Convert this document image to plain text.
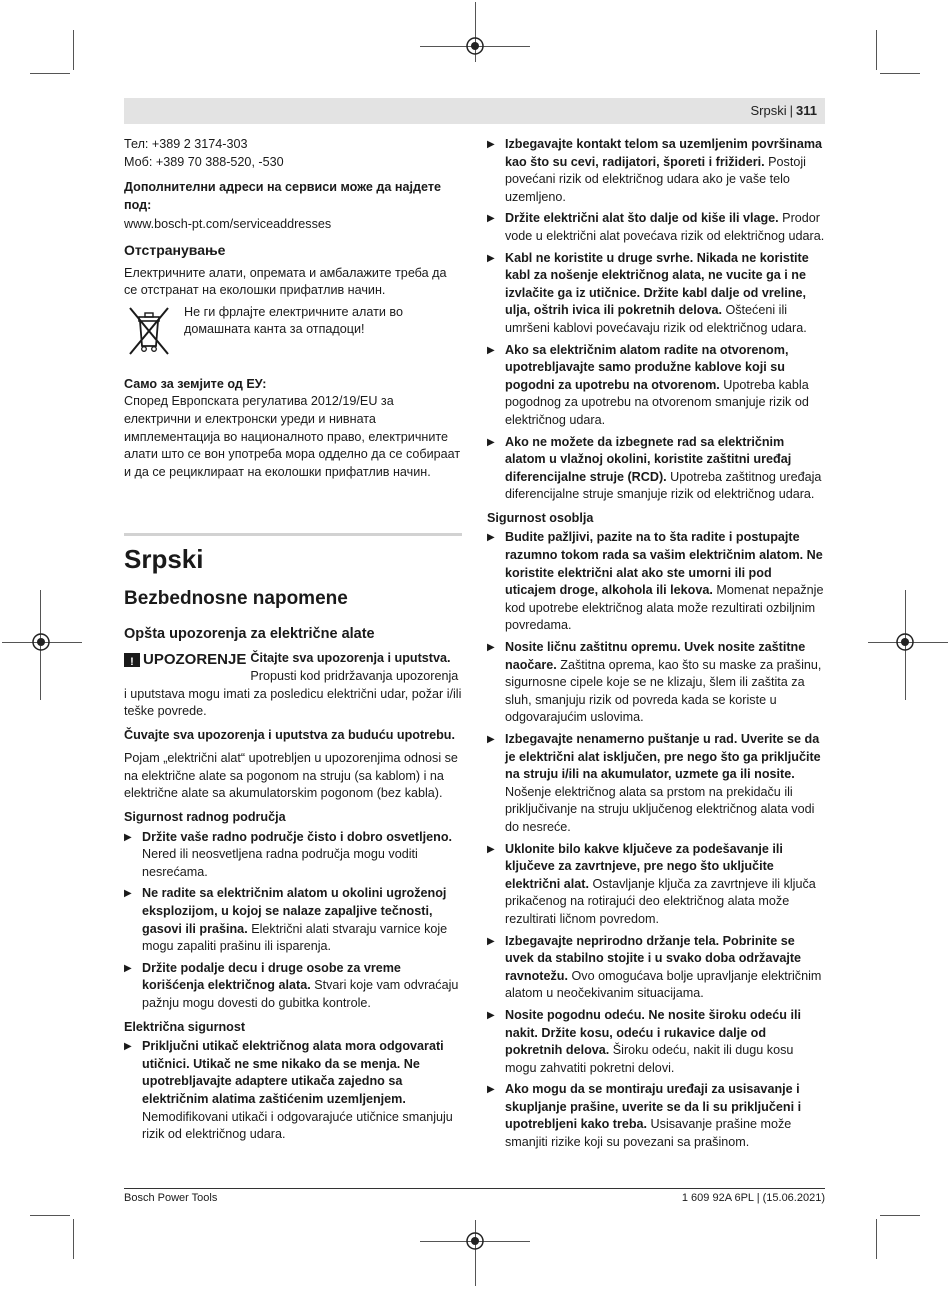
Srpski | 311

Тел: +389 2 3174-303

Моб: +389 70 388-520, -530

Дополнителни адреси на сервиси може да најдете под:

www.bosch-pt.com/serviceaddresses

Отстранување

Електричните алати, опремата и амбалажите треба да се отстранат на еколошки прифатлив начин.

Не ги фрлајте електричните алати во домашната канта за отпадоци!

Само за земјите од ЕУ:

Според Европската регулатива 2012/19/EU за електрични и електронски уреди и нивната имплементација во националното право, електричните алати што се вон употреба мора одделно да се собираат и да се рециклираат на еколошки прифатлив начин.

Srpski
Bezbednosne napomene
Opšta upozorenja za električne alate
! UPOZORENJE Čitajte sva upozorenja i uputstva. Propusti kod pridržavanja upozorenja i uputstava mogu imati za posledicu električni udar, požar i/ili teške povrede.

Čuvajte sva upozorenja i uputstva za buduću upotrebu.

Pojam „električni alat“ upotrebljen u upozorenjima odnosi se na električne alate sa pogonom na struju (sa kablom) i na električne alate sa akumulatorskim pogonom (bez kabla).

Sigurnost radnog područja
▶ Držite vaše radno područje čisto i dobro osvetljeno. Nered ili neosvetljena radna područja mogu voditi nesrećama.
▶ Ne radite sa električnim alatom u okolini ugroženoj eksplozijom, u kojoj se nalaze zapaljive tečnosti, gasovi ili prašina. Električni alati stvaraju varnice koje mogu zapaliti prašinu ili isparenja.
▶ Držite podalje decu i druge osobe za vreme korišćenja električnog alata. Stvari koje vam odvraćaju pažnju mogu dovesti do gubitka kontrole.
Električna sigurnost
▶ Priključni utikač električnog alata mora odgovarati utičnici. Utikač ne sme nikako da se menja. Ne upotrebljavajte adaptere utikača zajedno sa električnim alatima zaštićenim uzemljenjem. Nemodifikovani utikači i odgovarajuće utičnice smanjuju rizik od električnog udara.
▶ Izbegavajte kontakt telom sa uzemljenim površinama kao što su cevi, radijatori, šporeti i frižideri. Postoji povećani rizik od električnog udara ako je vaše telo uzemljeno.
▶ Držite električni alat što dalje od kiše ili vlage. Prodor vode u električni alat povećava rizik od električnog udara.
▶ Kabl ne koristite u druge svrhe. Nikada ne koristite kabl za nošenje električnog alata, ne vucite ga i ne izvlačite ga iz utičnice. Držite kabl dalje od vreline, ulja, oštrih ivica ili pokretnih delova. Oštećeni ili umršeni kablovi povećavaju rizik od električnog udara.
▶ Ako sa električnim alatom radite na otvorenom, upotrebljavajte samo produžne kablove koji su pogodni za upotrebu na otvorenom. Upotreba kabla pogodnog za upotrebu na otvorenom smanjuje rizik od električnog udara.
▶ Ako ne možete da izbegnete rad sa električnim alatom u vlažnoj okolini, koristite zaštitni uređaj diferencijalne struje (RCD). Upotreba zaštitnog uređaja diferencijalne struje smanjuje rizik od električnog udara.
Sigurnost osoblja
▶ Budite pažljivi, pazite na to šta radite i postupajte razumno tokom rada sa vašim električnim alatom. Ne koristite električni alat ako ste umorni ili pod uticajem droge, alkohola ili lekova. Momenat nepažnje kod upotrebe električnog alata može rezultirati ozbiljnim povredama.
▶ Nosite ličnu zaštitnu opremu. Uvek nosite zaštitne naočare. Zaštitna oprema, kao što su maske za prašinu, sigurnosne cipele koje se ne klizaju, šlem ili zaštita za sluh, smanjuju rizik od povreda kada se koriste u odgovarajućim uslovima.
▶ Izbegavajte nenamerno puštanje u rad. Uverite se da je električni alat isključen, pre nego što ga priključite na struju i/ili na akumulator, uzmete ga ili nosite. Nošenje električnog alata sa prstom na prekidaču ili priključivanje na struju uključenog električnog alata vodi do nesreće.
▶ Uklonite bilo kakve ključeve za podešavanje ili ključeve za zavrtnjeve, pre nego što uključite električni alat. Ostavljanje ključa za zavrtnjeve ili ključa prikačenog na rotirajući deo električnog alata može rezultirati ličnom povredom.
▶ Izbegavajte neprirodno držanje tela. Pobrinite se uvek da stabilno stojite i u svako doba održavajte ravnotežu. Ovo omogućava bolje upravljanje električnim alatom u neočekivanim situacijama.
▶ Nosite pogodnu odeću. Ne nosite široku odeću ili nakit. Držite kosu, odeću i rukavice dalje od pokretnih delova. Široku odeću, nakit ili dugu kosu mogu zahvatiti pokretni delovi.
▶ Ako mogu da se montiraju uređaji za usisavanje i skupljanje prašine, uverite se da li su priključeni i upotrebljeni kako treba. Usisavanje prašine može smanjiti rizike koji su povezani sa prašinom.
Bosch Power Tools	1 609 92A 6PL | (15.06.2021)
